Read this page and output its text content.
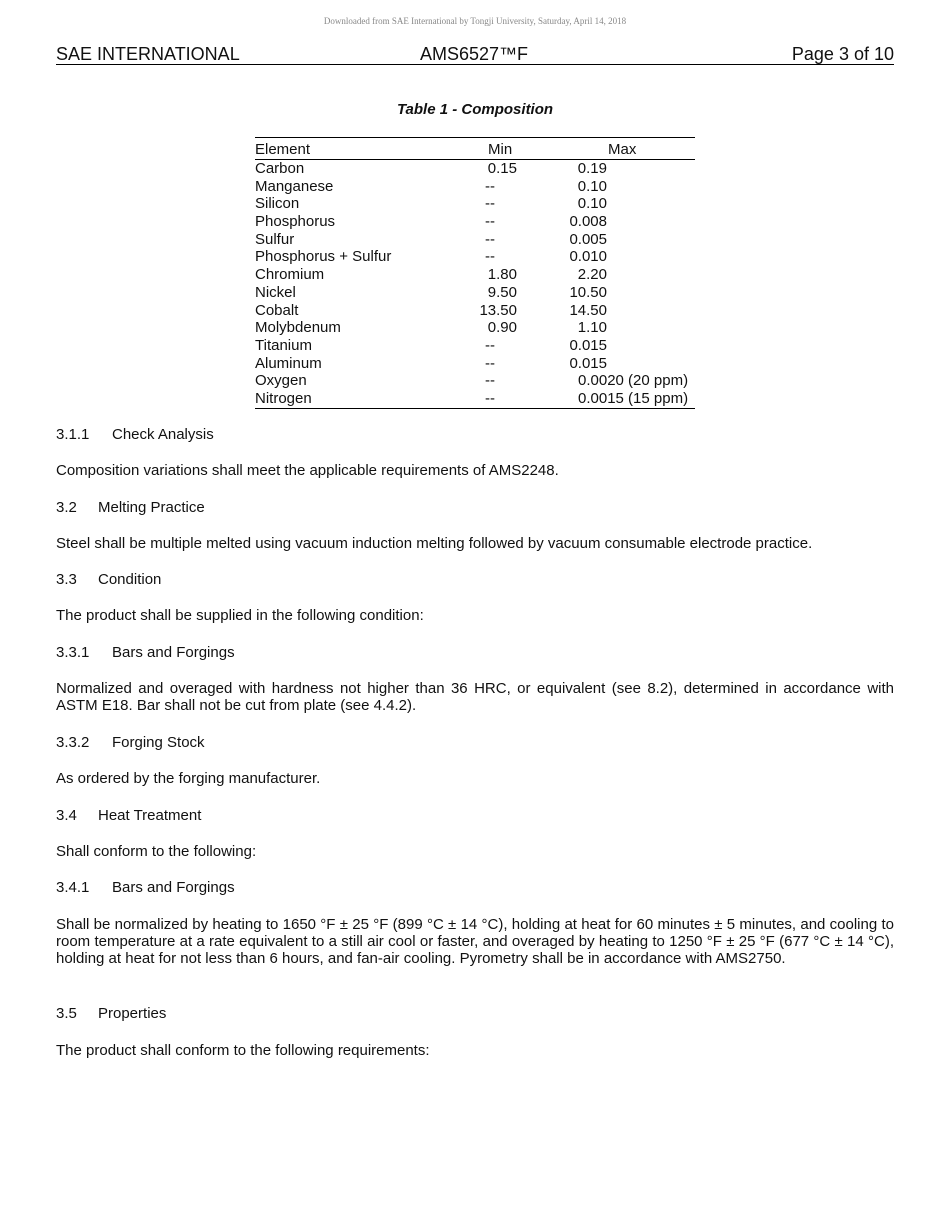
Downloaded from SAE International by Tongji University, Saturday, April 14, 2018
SAE INTERNATIONAL	AMS6527™F	Page 3 of 10
Table 1 - Composition
Element	Min	Max
Carbon	0.15	0.19
Manganese	--	0.10
Silicon	--	0.10
Phosphorus	--	0.008
Sulfur	--	0.005
Phosphorus + Sulfur	--	0.010
Chromium	1.80	2.20
Nickel	9.50	10.50
Cobalt	13.50	14.50
Molybdenum	0.90	1.10
Titanium	--	0.015
Aluminum	--	0.015
Oxygen	--	0.0020 (20 ppm)
Nitrogen	--	0.0015 (15 ppm)
3.1.1 Check Analysis
Composition variations shall meet the applicable requirements of AMS2248.
3.2 Melting Practice
Steel shall be multiple melted using vacuum induction melting followed by vacuum consumable electrode practice.
3.3 Condition
The product shall be supplied in the following condition:
3.3.1 Bars and Forgings
Normalized and overaged with hardness not higher than 36 HRC, or equivalent (see 8.2), determined in accordance with ASTM E18. Bar shall not be cut from plate (see 4.4.2).
3.3.2 Forging Stock
As ordered by the forging manufacturer.
3.4 Heat Treatment
Shall conform to the following:
3.4.1 Bars and Forgings
Shall be normalized by heating to 1650 °F ± 25 °F (899 °C ± 14 °C), holding at heat for 60 minutes ± 5 minutes, and cooling to room temperature at a rate equivalent to a still air cool or faster, and overaged by heating to 1250 °F ± 25 °F (677 °C ± 14 °C), holding at heat for not less than 6 hours, and fan-air cooling. Pyrometry shall be in accordance with AMS2750.
3.5 Properties
The product shall conform to the following requirements:
